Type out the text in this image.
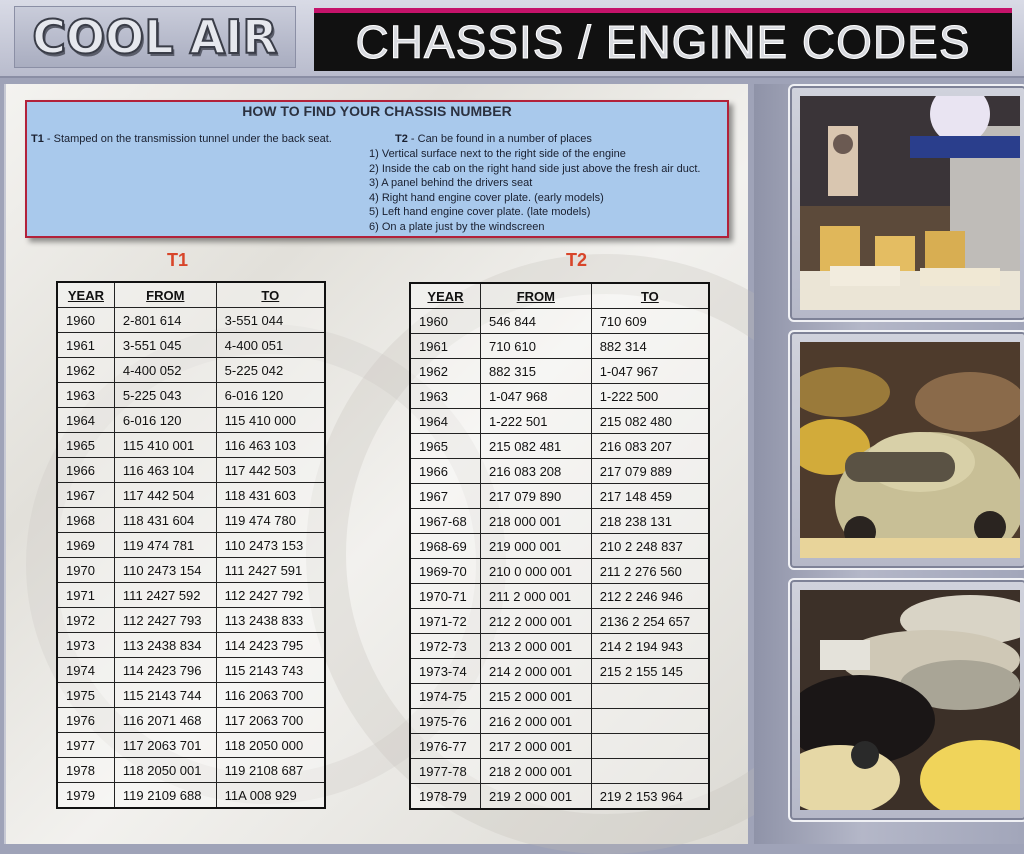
COOL AIR CHASSIS / ENGINE CODES
HOW TO FIND YOUR CHASSIS NUMBER
T1 - Stamped on the transmission tunnel under the back seat.	T2 - Can be found in a number of places
1) Vertical surface next to the right side of the engine
2) Inside the cab on the right hand side just above the fresh air duct.
3) A panel behind the drivers seat
4) Right hand engine cover plate. (early models)
5) Left hand engine cover plate. (late models)
6) On a plate just by the windscreen
T1	T2
YEAR	FROM	TO
1960	2-801 614	3-551 044
1961	3-551 045	4-400 051
1962	4-400 052	5-225 042
1963	5-225 043	6-016 120
1964	6-016 120	115 410 000
1965	115 410 001	116 463 103
1966	116 463 104	117 442 503
1967	117 442 504	118 431 603
1968	118 431 604	119 474 780
1969	119 474 781	110 2473 153
1970	110 2473 154	111 2427 591
1971	111 2427 592	112 2427 792
1972	112 2427 793	113 2438 833
1973	113 2438 834	114 2423 795
1974	114 2423 796	115 2143 743
1975	115 2143 744	116 2063 700
1976	116 2071 468	117 2063 700
1977	117 2063 701	118 2050 000
1978	118 2050 001	119 2108 687
1979	119 2109 688	11A 008 929
YEAR	FROM	TO
1960	546 844	710 609
1961	710 610	882 314
1962	882 315	1-047 967
1963	1-047 968	1-222 500
1964	1-222 501	215 082 480
1965	215 082 481	216 083 207
1966	216 083 208	217 079 889
1967	217 079 890	217 148 459
1967-68	218 000 001	218 238 131
1968-69	219 000 001	210 2 248 837
1969-70	210 0 000 001	211 2 276 560
1970-71	211 2 000 001	212 2 246 946
1971-72	212 2 000 001	2136 2 254 657
1972-73	213 2 000 001	214 2 194 943
1973-74	214 2 000 001	215 2 155 145
1974-75	215 2 000 001	
1975-76	216 2 000 001	
1976-77	217 2 000 001	
1977-78	218 2 000 001	
1978-79	219 2 000 001	219 2 153 964
